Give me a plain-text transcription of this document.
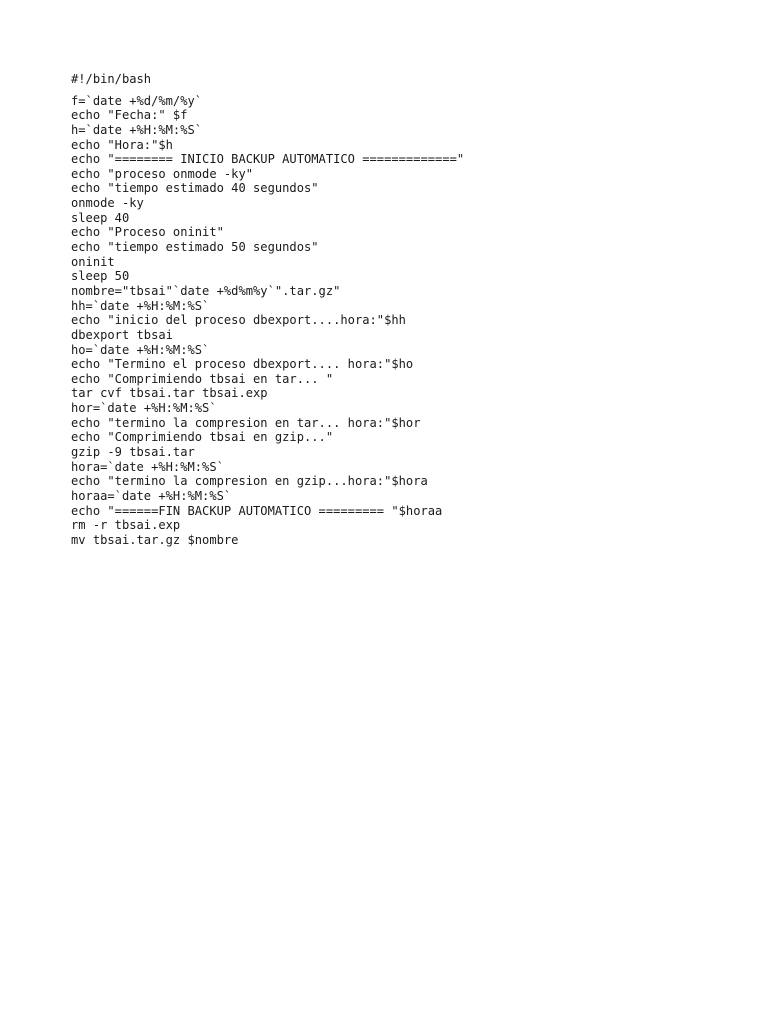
#!/bin/bash
f=`date +%d/%m/%y`
echo "Fecha:" $f
h=`date +%H:%M:%S`
echo "Hora:"$h
echo "======== INICIO BACKUP AUTOMATICO ============="
echo "proceso onmode -ky"
echo "tiempo estimado 40 segundos"
onmode -ky
sleep 40
echo "Proceso oninit"
echo "tiempo estimado 50 segundos"
oninit
sleep 50
nombre="tbsai"`date +%d%m%y`".tar.gz"
hh=`date +%H:%M:%S`
echo "inicio del proceso dbexport....hora:"$hh
dbexport tbsai
ho=`date +%H:%M:%S`
echo "Termino el proceso dbexport.... hora:"$ho
echo "Comprimiendo tbsai en tar... "
tar cvf tbsai.tar tbsai.exp
hor=`date +%H:%M:%S`
echo "termino la compresion en tar... hora:"$hor
echo "Comprimiendo tbsai en gzip..."
gzip -9 tbsai.tar
hora=`date +%H:%M:%S`
echo "termino la compresion en gzip...hora:"$hora
horaa=`date +%H:%M:%S`
echo "======FIN BACKUP AUTOMATICO ========= "$horaa
rm -r tbsai.exp
mv tbsai.tar.gz $nombre
